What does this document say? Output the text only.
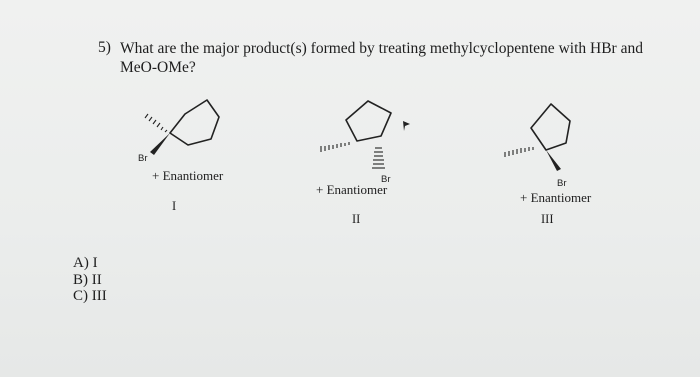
5) What are the major product(s) formed by treating methylcyclopentene with HBr and MeO-OMe?
Br
Br	Br
+ Enantiomer
I
+ Enantiomer
II
+ Enantiomer
III
A) I
B) II
C) III
